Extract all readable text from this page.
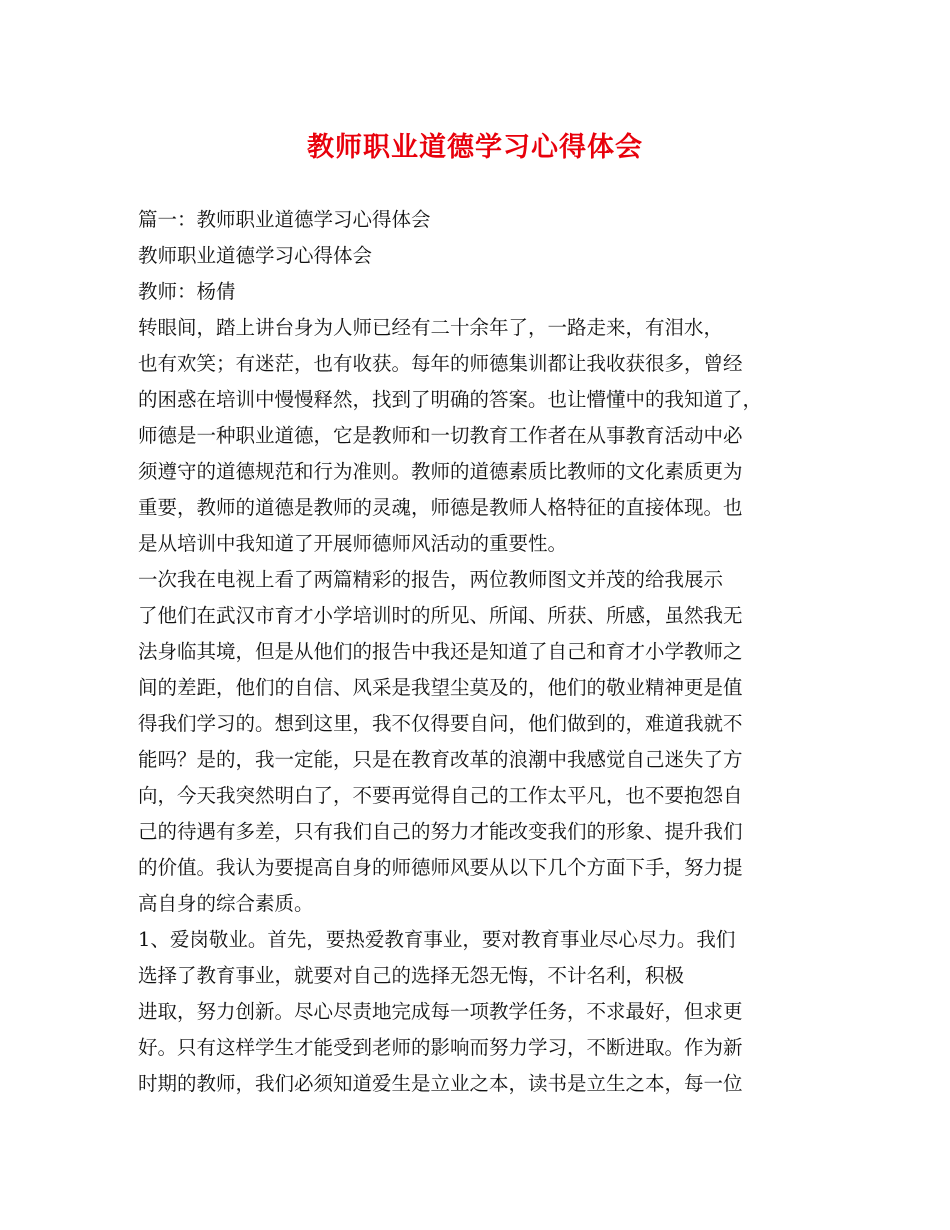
教师职业道德学习心得体会
篇一：教师职业道德学习心得体会
教师职业道德学习心得体会
教师：杨倩
转眼间，踏上讲台身为人师已经有二十余年了，一路走来，有泪水，
也有欢笑；有迷茫，也有收获。每年的师德集训都让我收获很多，曾经
的困惑在培训中慢慢释然，找到了明确的答案。也让懵懂中的我知道了，
师德是一种职业道德，它是教师和一切教育工作者在从事教育活动中必
须遵守的道德规范和行为准则。教师的道德素质比教师的文化素质更为
重要，教师的道德是教师的灵魂，师德是教师人格特征的直接体现。也
是从培训中我知道了开展师德师风活动的重要性。
一次我在电视上看了两篇精彩的报告，两位教师图文并茂的给我展示
了他们在武汉市育才小学培训时的所见、所闻、所获、所感，虽然我无
法身临其境，但是从他们的报告中我还是知道了自己和育才小学教师之
间的差距，他们的自信、风采是我望尘莫及的，他们的敬业精神更是值
得我们学习的。想到这里，我不仅得要自问，他们做到的，难道我就不
能吗？是的，我一定能，只是在教育改革的浪潮中我感觉自己迷失了方
向，今天我突然明白了，不要再觉得自己的工作太平凡，也不要抱怨自
己的待遇有多差，只有我们自己的努力才能改变我们的形象、提升我们
的价值。我认为要提高自身的师德师风要从以下几个方面下手，努力提
高自身的综合素质。
1、爱岗敬业。首先，要热爱教育事业，要对教育事业尽心尽力。我们
选择了教育事业，就要对自己的选择无怨无悔，不计名利，积极
进取，努力创新。尽心尽责地完成每一项教学任务，不求最好，但求更
好。只有这样学生才能受到老师的影响而努力学习，不断进取。作为新
时期的教师，我们必须知道爱生是立业之本，读书是立生之本，每一位
